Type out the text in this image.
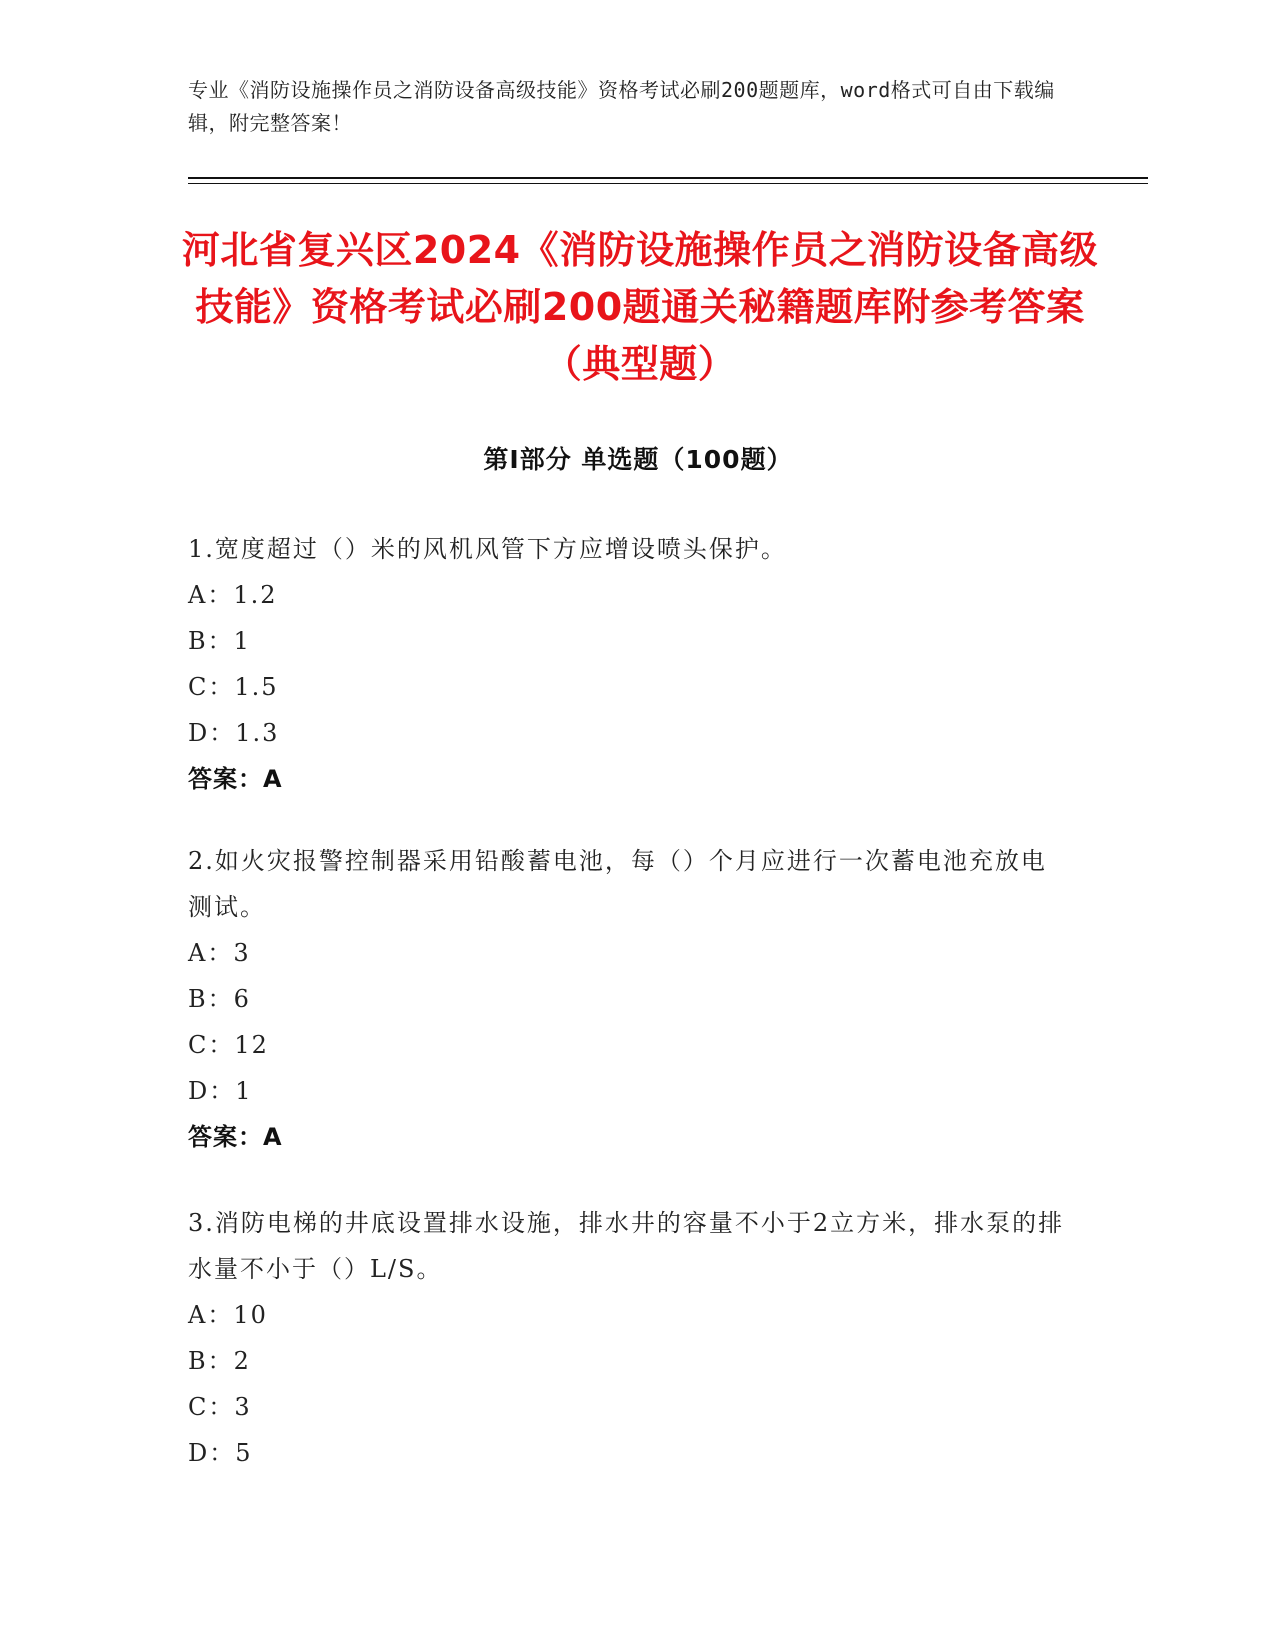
专业《消防设施操作员之消防设备高级技能》资格考试必刷200题题库，word格式可自由下载编辑，附完整答案！
河北省复兴区2024《消防设施操作员之消防设备高级技能》资格考试必刷200题通关秘籍题库附参考答案（典型题）
第I部分 单选题（100题）
1.宽度超过（）米的风机风管下方应增设喷头保护。
A：1.2
B：1
C：1.5
D：1.3
答案：A
2.如火灾报警控制器采用铅酸蓄电池，每（）个月应进行一次蓄电池充放电测试。
A：3
B：6
C：12
D：1
答案：A
3.消防电梯的井底设置排水设施，排水井的容量不小于2立方米，排水泵的排水量不小于（）L/S。
A：10
B：2
C：3
D：5
